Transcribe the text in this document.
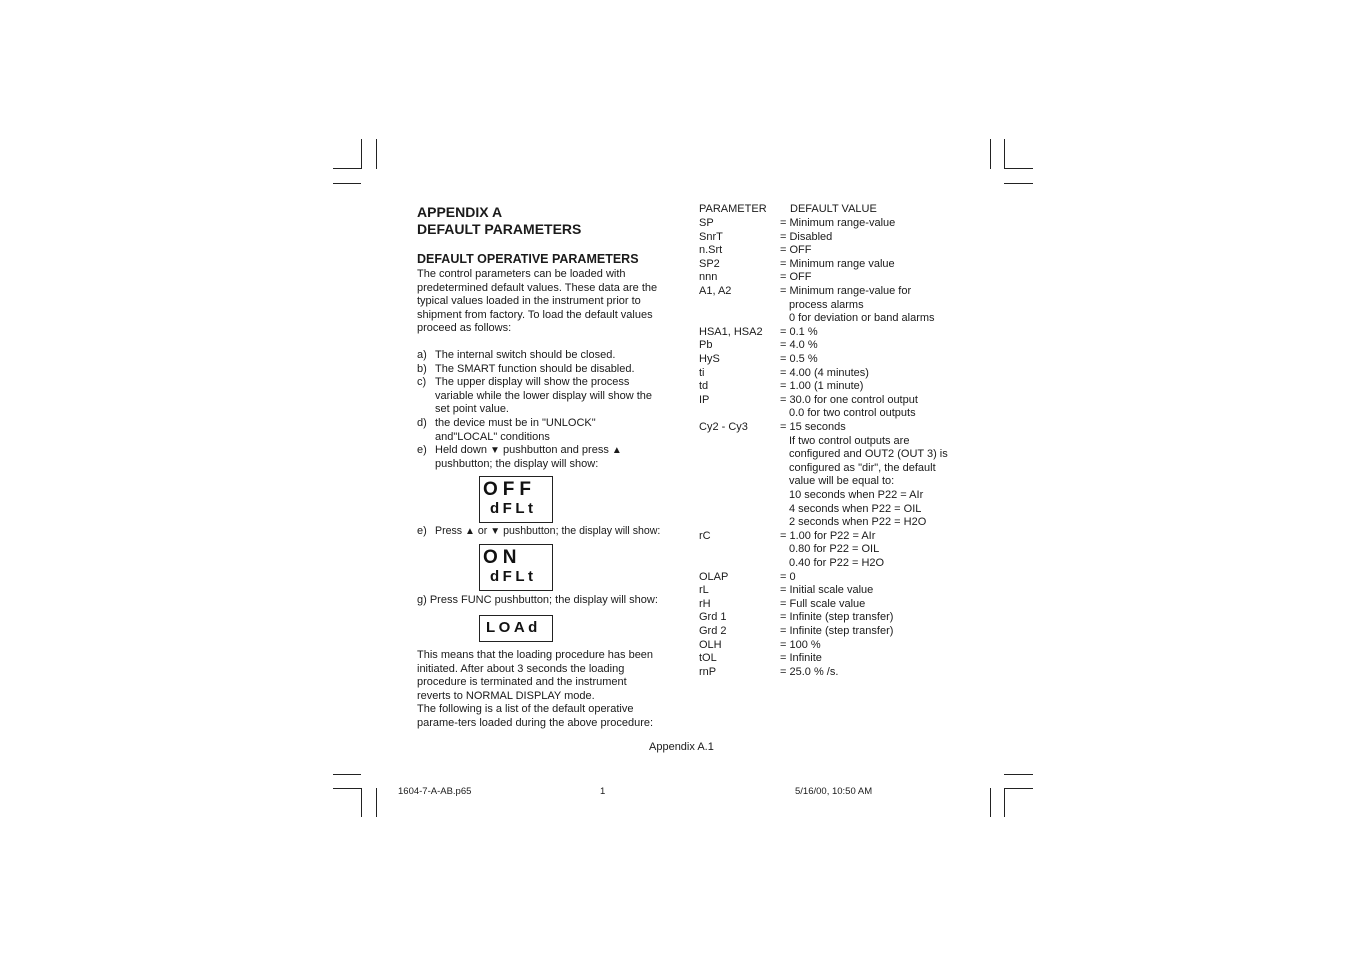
APPENDIX A
DEFAULT PARAMETERS
DEFAULT OPERATIVE PARAMETERS
The control parameters can be loaded with
predetermined default values. These data are the
typical values loaded in the instrument prior to
shipment from factory. To load the default values
proceed as follows:
a) The internal switch should be closed.
b) The SMART function should be disabled.
c) The upper display will show the process
variable while the lower display will show the
set point value.
d) the device must be in "UNLOCK"
and"LOCAL" conditions
e) Held down ▼ pushbutton and press ▲
pushbutton; the display will show:
OFF
dFLt
e) Press ▲ or ▼ pushbutton; the display will show:
ON
dFLt
g) Press FUNC pushbutton; the display will show:
LOAd
This means that the loading procedure has been
initiated. After about 3 seconds the loading
procedure is terminated and the instrument
reverts to NORMAL DISPLAY mode.
The following is a list of the default operative
parame-ters loaded during the above procedure:
PARAMETER DEFAULT VALUE
SP	= Minimum range-value
SnrT	= Disabled
n.Srt	= OFF
SP2	= Minimum range value
nnn	= OFF
A1, A2	= Minimum range-value for
process alarms
0 for deviation or band alarms
HSA1, HSA2 = 0.1 %
Pb	= 4.0 %
HyS	= 0.5 %
ti	= 4.00 (4 minutes)
td	= 1.00 (1 minute)
IP	= 30.0 for one control output
0.0 for two control outputs
Cy2 - Cy3	= 15 seconds
If two control outputs are
configured and OUT2 (OUT 3) is
configured as "dir", the default
value will be equal to:
10 seconds when P22 = AIr
4 seconds when P22 = OIL
2 seconds when P22 = H2O
rC	= 1.00 for P22 = AIr
0.80 for P22 = OIL
0.40 for P22 = H2O
OLAP	= 0
rL	= Initial scale value
rH	= Full scale value
Grd 1	= Infinite (step transfer)
Grd 2	= Infinite (step transfer)
OLH	= 100 %
tOL	= Infinite
rnP	= 25.0 % /s.
Appendix A.1
1604-7-A-AB.p65	1	5/16/00, 10:50 AM
